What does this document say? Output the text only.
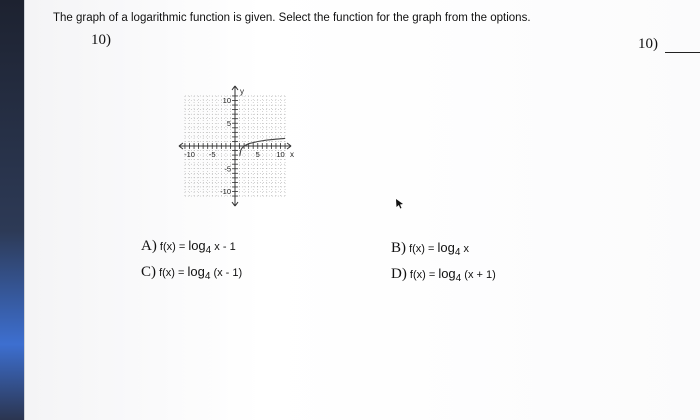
The graph of a logarithmic function is given. Select the function for the graph from the options.
10)	10)
-10 -5	5 10
10
5
-5
-10
y
x
A) f(x) = log4 x - 1	B) f(x) = log4 x
C) f(x) = log4 (x - 1)	D) f(x) = log4 (x + 1)
